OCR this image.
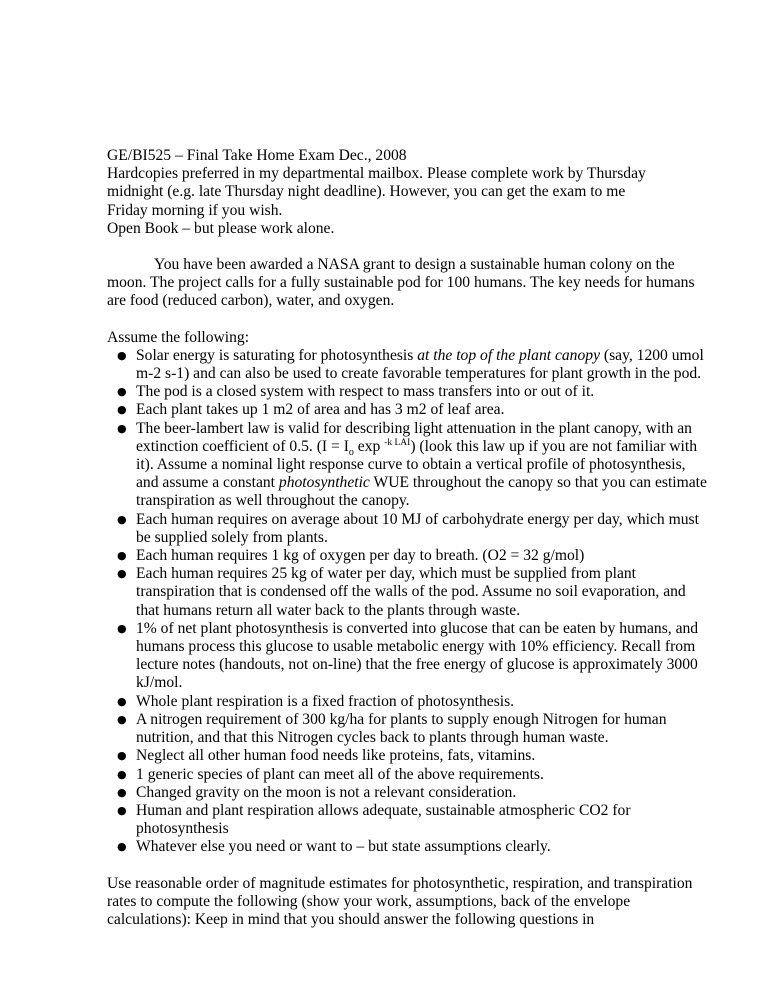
GE/BI525 – Final Take Home Exam Dec., 2008

Hardcopies preferred in my departmental mailbox. Please complete work by Thursday

midnight (e.g. late Thursday night deadline). However, you can get the exam to me

Friday morning if you wish.

Open Book – but please work alone.

You have been awarded a NASA grant to design a sustainable human colony on the moon. The project calls for a fully sustainable pod for 100 humans. The key needs for humans are food (reduced carbon), water, and oxygen.

Assume the following:

● Solar energy is saturating for photosynthesis at the top of the plant canopy (say, 1200 umol m-2 s-1) and can also be used to create favorable temperatures for plant growth in the pod.
● The pod is a closed system with respect to mass transfers into or out of it.
● Each plant takes up 1 m2 of area and has 3 m2 of leaf area.
● The beer-lambert law is valid for describing light attenuation in the plant canopy, with an extinction coefficient of 0.5. ($I = I_o$ exp $^{-k LAI}$) (look this law up if you are not familiar with it). Assume a nominal light response curve to obtain a vertical profile of photosynthesis, and assume a constant photosynthetic WUE throughout the canopy so that you can estimate transpiration as well throughout the canopy.
● Each human requires on average about 10 MJ of carbohydrate energy per day, which must be supplied solely from plants.
● Each human requires 1 kg of oxygen per day to breath. (O2 = 32 g/mol)
● Each human requires 25 kg of water per day, which must be supplied from plant transpiration that is condensed off the walls of the pod. Assume no soil evaporation, and that humans return all water back to the plants through waste.
● 1% of net plant photosynthesis is converted into glucose that can be eaten by humans, and humans process this glucose to usable metabolic energy with 10% efficiency. Recall from lecture notes (handouts, not on-line) that the free energy of glucose is approximately 3000 kJ/mol.
● Whole plant respiration is a fixed fraction of photosynthesis.
● A nitrogen requirement of 300 kg/ha for plants to supply enough Nitrogen for human nutrition, and that this Nitrogen cycles back to plants through human waste.
● Neglect all other human food needs like proteins, fats, vitamins.
● 1 generic species of plant can meet all of the above requirements.
● Changed gravity on the moon is not a relevant consideration.
● Human and plant respiration allows adequate, sustainable atmospheric CO2 for photosynthesis
● Whatever else you need or want to – but state assumptions clearly.

Use reasonable order of magnitude estimates for photosynthetic, respiration, and transpiration rates to compute the following (show your work, assumptions, back of the envelope calculations): Keep in mind that you should answer the following questions in
